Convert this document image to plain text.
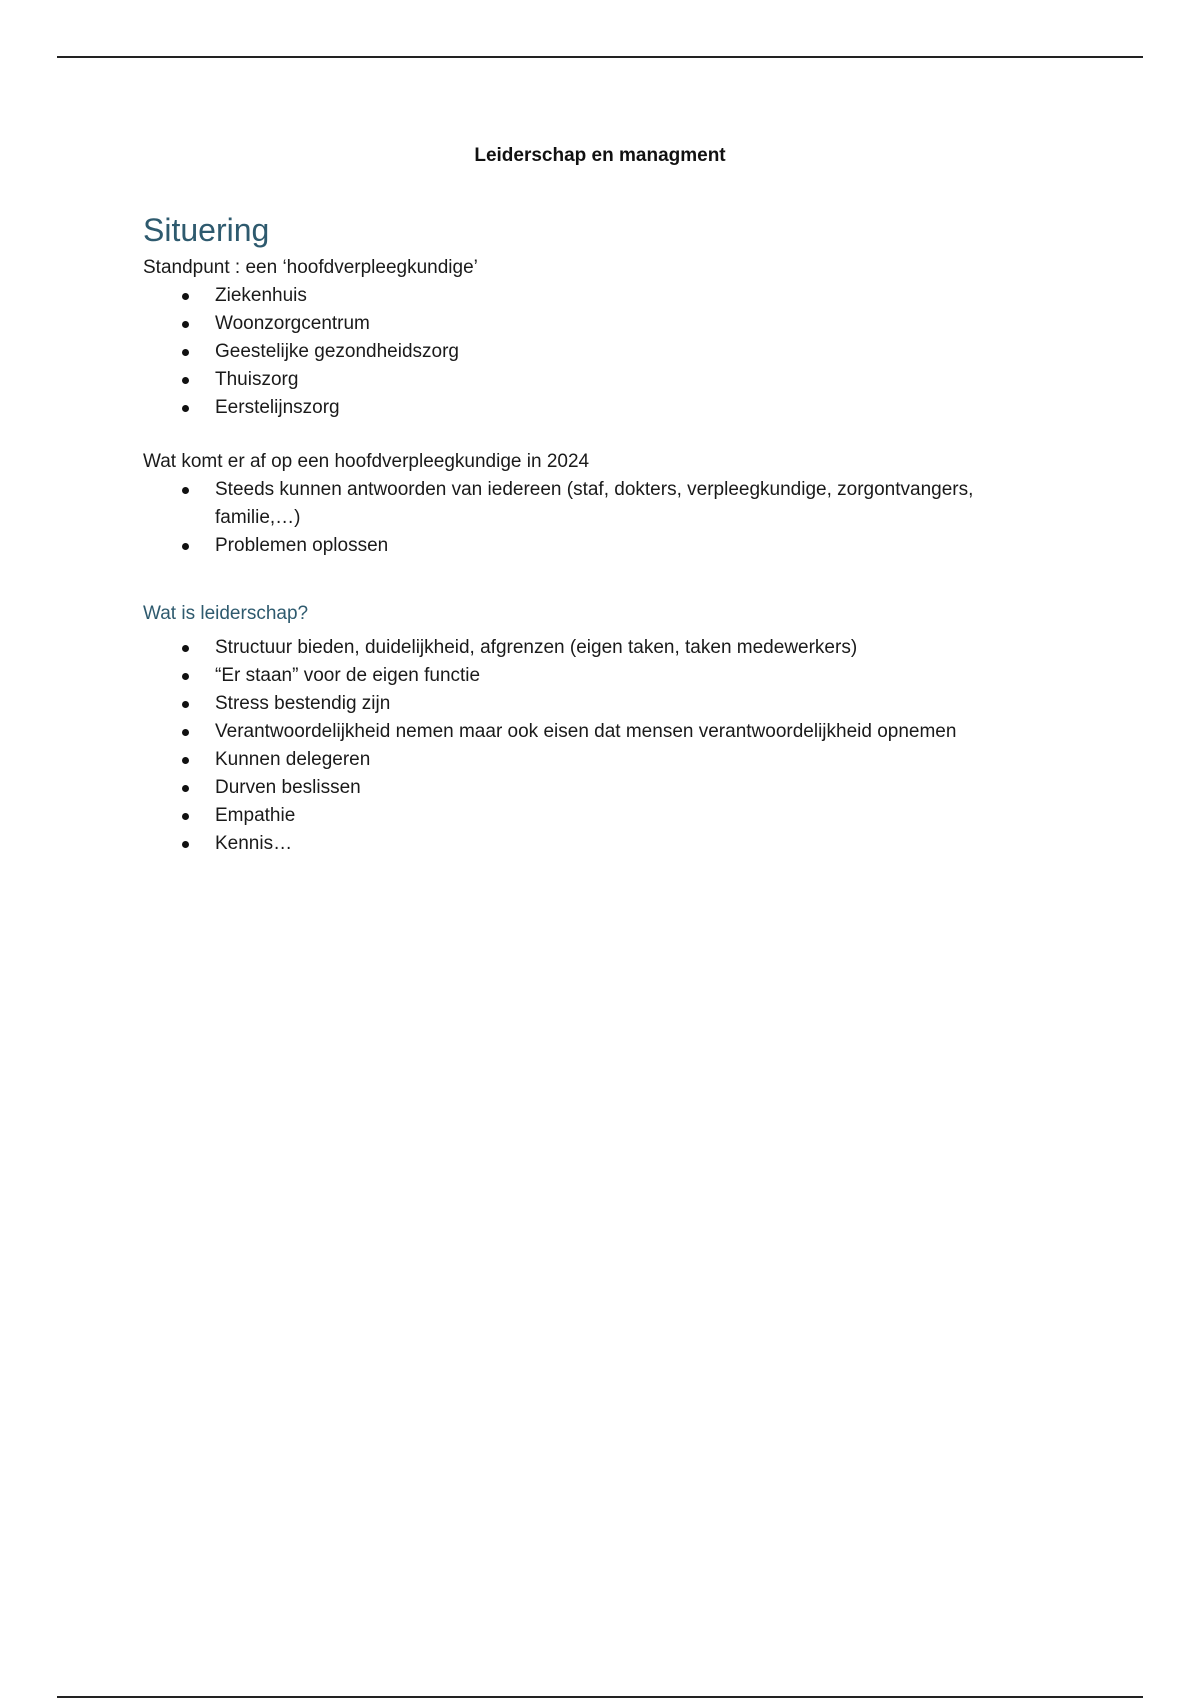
Leiderschap en managment
Situering

Standpunt : een ‘hoofdverpleegkundige’

Ziekenhuis
Woonzorgcentrum
Geestelijke gezondheidszorg
Thuiszorg
Eerstelijnszorg

Wat komt er af op een hoofdverpleegkundige in 2024

Steeds kunnen antwoorden van iedereen (staf, dokters, verpleegkundige, zorgontvangers, familie,…)
Problemen oplossen
Wat is leiderschap?
Structuur bieden, duidelijkheid, afgrenzen (eigen taken, taken medewerkers)
“Er staan” voor de eigen functie
Stress bestendig zijn
Verantwoordelijkheid nemen maar ook eisen dat mensen verantwoordelijkheid opnemen
Kunnen delegeren
Durven beslissen
Empathie
Kennis…
